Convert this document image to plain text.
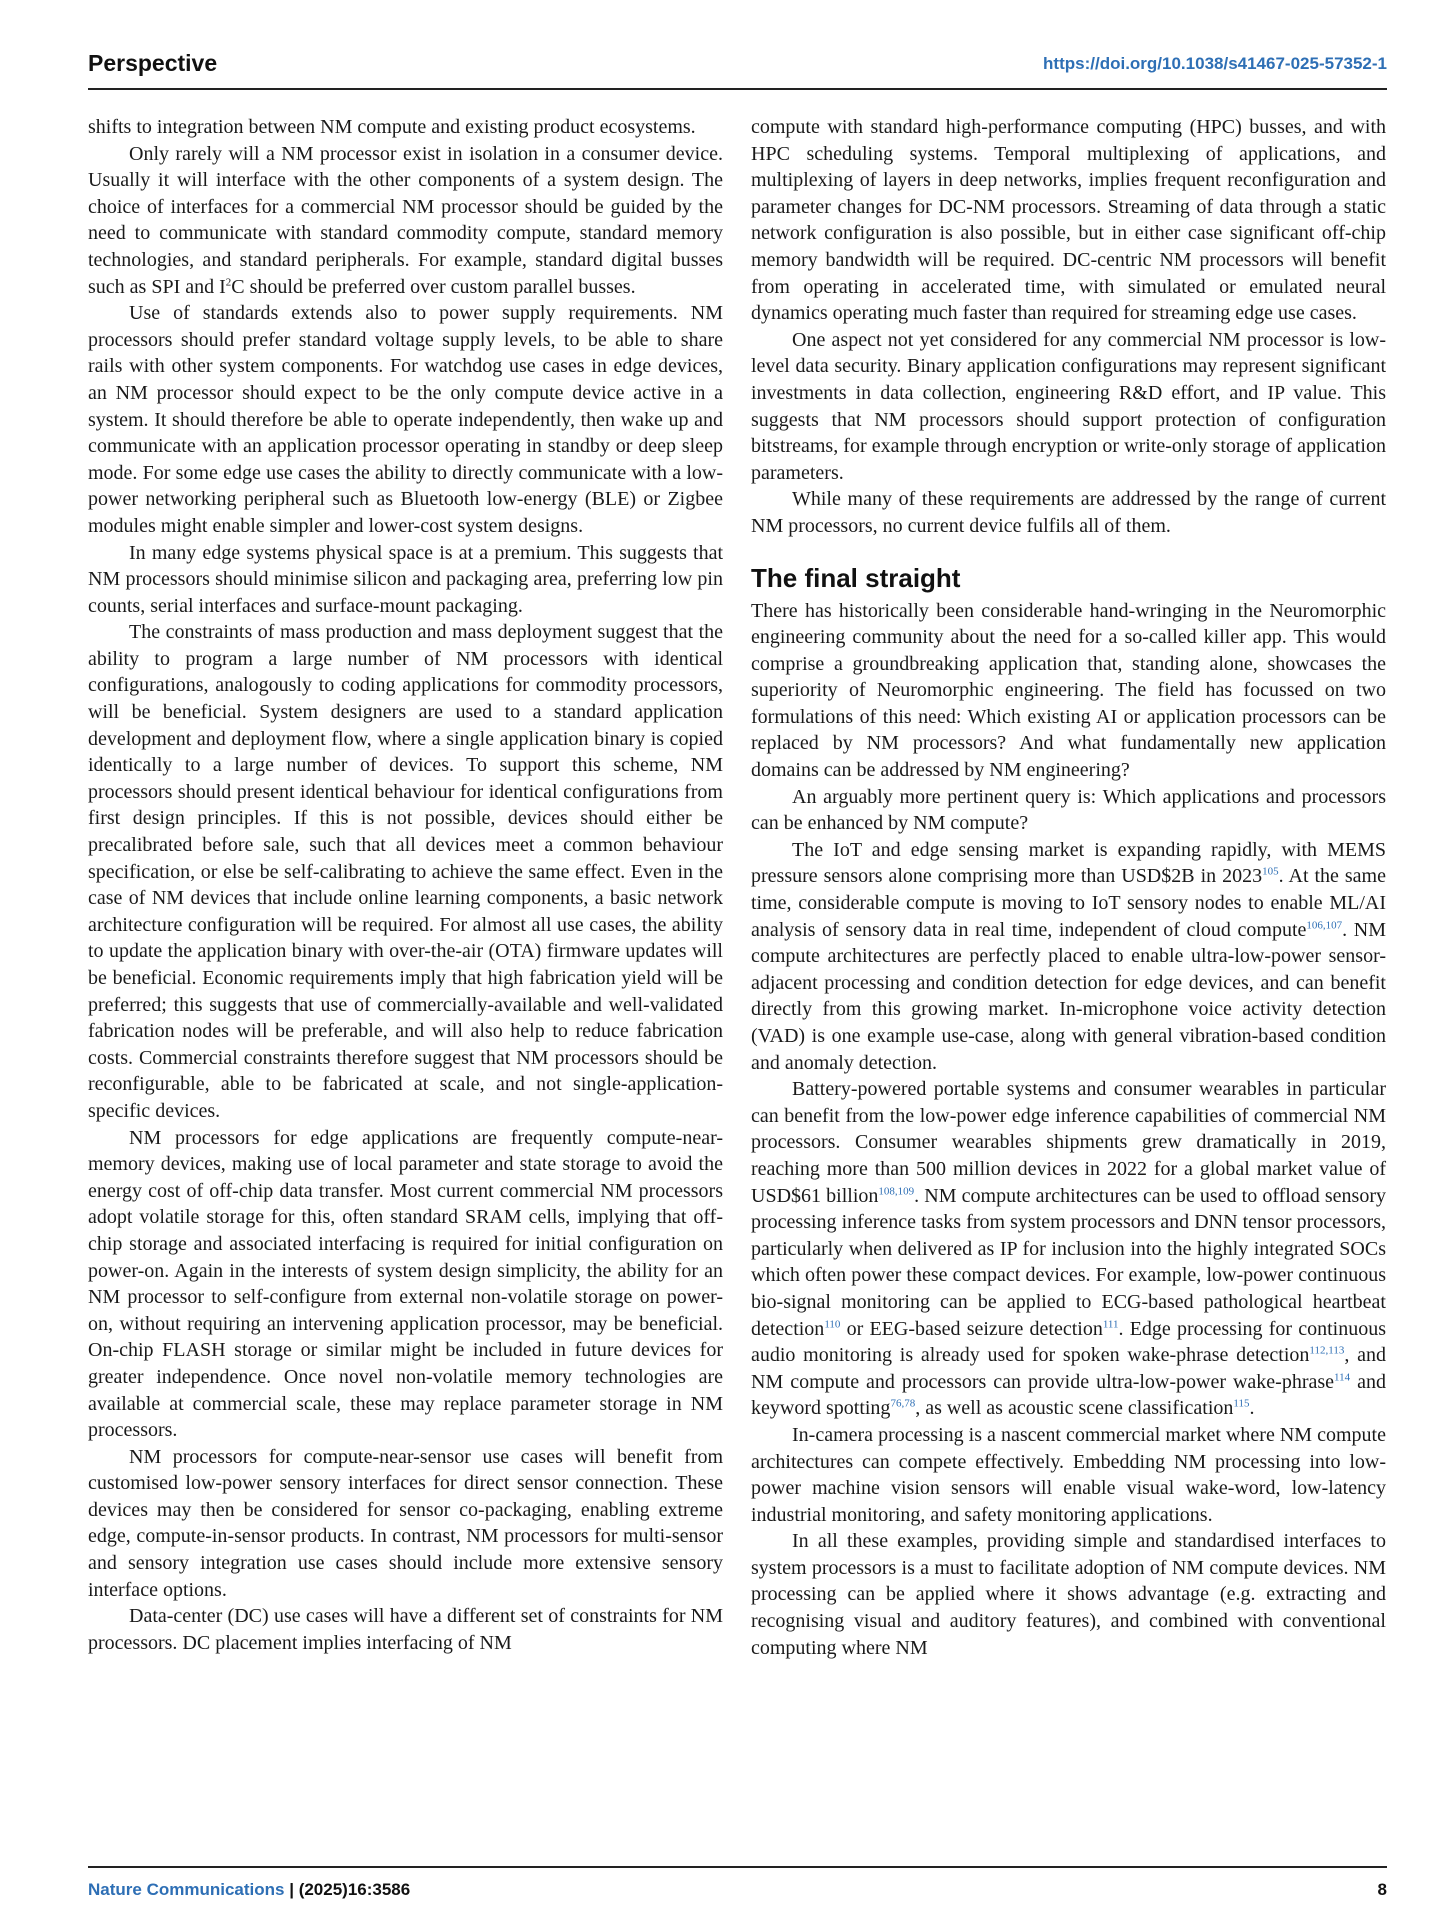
Perspective	https://doi.org/10.1038/s41467-025-57352-1

shifts to integration between NM compute and existing product ecosystems.

Only rarely will a NM processor exist in isolation in a consumer device. Usually it will interface with the other components of a system design. The choice of interfaces for a commercial NM processor should be guided by the need to communicate with standard commodity compute, standard memory technologies, and standard peripherals. For example, standard digital busses such as SPI and $I^2C$ should be preferred over custom parallel busses.

Use of standards extends also to power supply requirements. NM processors should prefer standard voltage supply levels, to be able to share rails with other system components. For watchdog use cases in edge devices, an NM processor should expect to be the only compute device active in a system. It should therefore be able to operate independently, then wake up and communicate with an application processor operating in standby or deep sleep mode. For some edge use cases the ability to directly communicate with a low-power networking peripheral such as Bluetooth low-energy (BLE) or Zigbee modules might enable simpler and lower-cost system designs.

In many edge systems physical space is at a premium. This suggests that NM processors should minimise silicon and packaging area, preferring low pin counts, serial interfaces and surface-mount packaging.

The constraints of mass production and mass deployment suggest that the ability to program a large number of NM processors with identical configurations, analogously to coding applications for commodity processors, will be beneficial. System designers are used to a standard application development and deployment flow, where a single application binary is copied identically to a large number of devices. To support this scheme, NM processors should present identical behaviour for identical configurations from first design principles. If this is not possible, devices should either be precalibrated before sale, such that all devices meet a common behaviour specification, or else be self-calibrating to achieve the same effect. Even in the case of NM devices that include online learning components, a basic network architecture configuration will be required. For almost all use cases, the ability to update the application binary with over-the-air (OTA) firmware updates will be beneficial. Economic requirements imply that high fabrication yield will be preferred; this suggests that use of commercially-available and well-validated fabrication nodes will be preferable, and will also help to reduce fabrication costs. Commercial constraints therefore suggest that NM processors should be reconfigurable, able to be fabricated at scale, and not single-application-specific devices.

NM processors for edge applications are frequently compute-near-memory devices, making use of local parameter and state storage to avoid the energy cost of off-chip data transfer. Most current commercial NM processors adopt volatile storage for this, often standard SRAM cells, implying that off-chip storage and associated interfacing is required for initial configuration on power-on. Again in the interests of system design simplicity, the ability for an NM processor to self-configure from external non-volatile storage on power-on, without requiring an intervening application processor, may be beneficial. On-chip FLASH storage or similar might be included in future devices for greater independence. Once novel non-volatile memory technologies are available at commercial scale, these may replace parameter storage in NM processors.

NM processors for compute-near-sensor use cases will benefit from customised low-power sensory interfaces for direct sensor connection. These devices may then be considered for sensor co-packaging, enabling extreme edge, compute-in-sensor products. In contrast, NM processors for multi-sensor and sensory integration use cases should include more extensive sensory interface options.

Data-center (DC) use cases will have a different set of constraints for NM processors. DC placement implies interfacing of NM

compute with standard high-performance computing (HPC) busses, and with HPC scheduling systems. Temporal multiplexing of applications, and multiplexing of layers in deep networks, implies frequent reconfiguration and parameter changes for DC-NM processors. Streaming of data through a static network configuration is also possible, but in either case significant off-chip memory bandwidth will be required. DC-centric NM processors will benefit from operating in accelerated time, with simulated or emulated neural dynamics operating much faster than required for streaming edge use cases.

One aspect not yet considered for any commercial NM processor is low-level data security. Binary application configurations may represent significant investments in data collection, engineering R&D effort, and IP value. This suggests that NM processors should support protection of configuration bitstreams, for example through encryption or write-only storage of application parameters.

While many of these requirements are addressed by the range of current NM processors, no current device fulfils all of them.

The final straight

There has historically been considerable hand-wringing in the Neuromorphic engineering community about the need for a so-called killer app. This would comprise a groundbreaking application that, standing alone, showcases the superiority of Neuromorphic engineering. The field has focussed on two formulations of this need: Which existing AI or application processors can be replaced by NM processors? And what fundamentally new application domains can be addressed by NM engineering?

An arguably more pertinent query is: Which applications and processors can be enhanced by NM compute?

The IoT and edge sensing market is expanding rapidly, with MEMS pressure sensors alone comprising more than USD$2B in 2023$^{105}$. At the same time, considerable compute is moving to IoT sensory nodes to enable ML/AI analysis of sensory data in real time, independent of cloud compute$^{106,107}$. NM compute architectures are perfectly placed to enable ultra-low-power sensor-adjacent processing and condition detection for edge devices, and can benefit directly from this growing market. In-microphone voice activity detection (VAD) is one example use-case, along with general vibration-based condition and anomaly detection.

Battery-powered portable systems and consumer wearables in particular can benefit from the low-power edge inference capabilities of commercial NM processors. Consumer wearables shipments grew dramatically in 2019, reaching more than 500 million devices in 2022 for a global market value of USD$61 billion$^{108,109}$. NM compute architectures can be used to offload sensory processing inference tasks from system processors and DNN tensor processors, particularly when delivered as IP for inclusion into the highly integrated SOCs which often power these compact devices. For example, low-power continuous bio-signal monitoring can be applied to ECG-based pathological heartbeat detection$^{110}$ or EEG-based seizure detection$^{111}$. Edge processing for continuous audio monitoring is already used for spoken wake-phrase detection$^{112,113}$, and NM compute and processors can provide ultra-low-power wake-phrase$^{114}$ and keyword spotting$^{76,78}$, as well as acoustic scene classification$^{115}$.

In-camera processing is a nascent commercial market where NM compute architectures can compete effectively. Embedding NM processing into low-power machine vision sensors will enable visual wake-word, low-latency industrial monitoring, and safety monitoring applications.

In all these examples, providing simple and standardised interfaces to system processors is a must to facilitate adoption of NM compute devices. NM processing can be applied where it shows advantage (e.g. extracting and recognising visual and auditory features), and combined with conventional computing where NM

Nature Communications | (2025)16:3586	8
